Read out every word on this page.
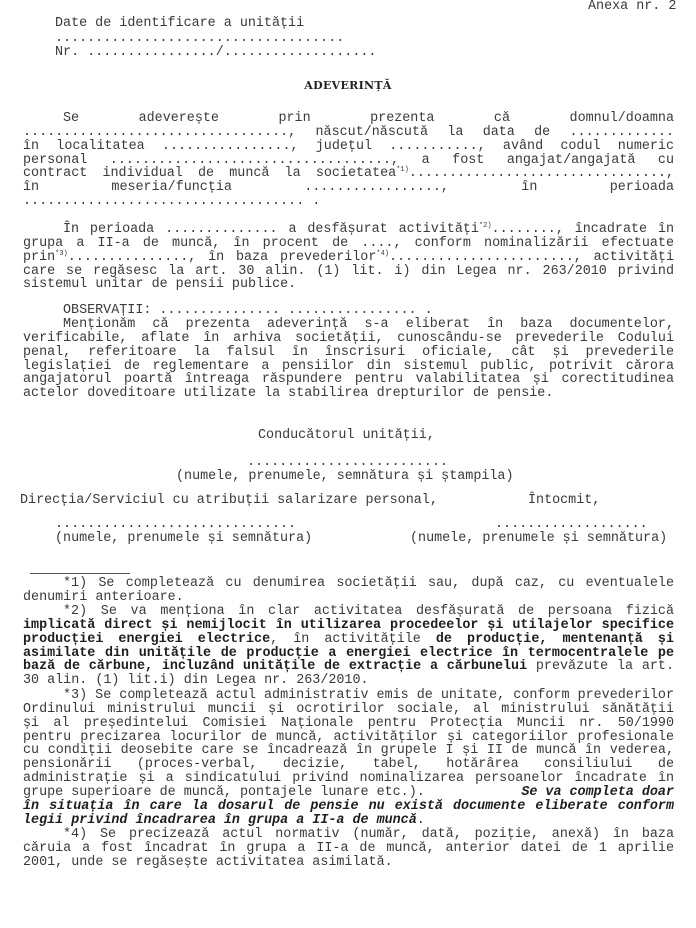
Anexa nr. 2
Date de identificare a unității
....................................
Nr. ................/...................
ADEVERINȚĂ
Se adeverește prin prezenta că domnul/doamna
................................., născut/născută la data de .............
în localitatea ................, județul ..........., având codul numeric
personal ..................................., a fost angajat/angajată cu
contract individual de muncă la societatea$^{*1)}$................................,
în meseria/funcția ................., în perioada
................................... .
În perioada .............. a desfășurat activități$^{*2)}$........, încadrate în
grupa a II-a de muncă, în procent de ...., conform nominalizării efectuate
prin$^{*3)}$..............., în baza prevederilor$^{*4)}$......................., activități
care se regăsesc la art. 30 alin. (1) lit. i) din Legea nr. 263/2010 privind
sistemul unitar de pensii publice.
OBSERVAȚII: ............... ................ .
Menționăm că prezenta adeverință s-a eliberat în baza documentelor,
verificabile, aflate în arhiva societății, cunoscându-se prevederile Codului
penal, referitoare la falsul în înscrisuri oficiale, cât și prevederile
legislației de reglementare a pensiilor din sistemul public, potrivit cărora
angajatorul poartă întreaga răspundere pentru valabilitatea și corectitudinea
actelor doveditoare utilizate la stabilirea drepturilor de pensie.
Conducătorul unității,
.........................
(numele, prenumele, semnătura și ștampila)
Direcția/Serviciul cu atribuții salarizare personal,	Întocmit,
..............................	...................
(numele, prenumele și semnătura)	(numele, prenumele și semnătura)
*1) Se completează cu denumirea societății sau, după caz, cu eventualele
denumiri anterioare.
*2) Se va menționa în clar activitatea desfășurată de persoana fizică
implicată direct și nemijlocit în utilizarea procedeelor și utilajelor specifice
producției energiei electrice, în activitățile de producție, mentenanță și
asimilate din unitățile de producție a energiei electrice în termocentralele pe
bază de cărbune, incluzând unitățile de extracție a cărbunelui prevăzute la art.
30 alin. (1) lit.i) din Legea nr. 263/2010.
*3) Se completează actul administrativ emis de unitate, conform prevederilor
Ordinului ministrului muncii și ocrotirilor sociale, al ministrului sănătății
și al președintelui Comisiei Naționale pentru Protecția Muncii nr. 50/1990
pentru precizarea locurilor de muncă, activităților și categoriilor profesionale
cu condiții deosebite care se încadrează în grupele I și II de muncă în vederea,
pensionării (proces-verbal, decizie, tabel, hotărârea consiliului de
administrație și a sindicatului privind nominalizarea persoanelor încadrate în
grupe superioare de muncă, pontajele lunare etc.).	Se va completa doar
în situația în care la dosarul de pensie nu există documente eliberate conform
legii privind încadrarea în grupa a II-a de muncă.
*4) Se precizează actul normativ (număr, dată, poziție, anexă) în baza
căruia a fost încadrat în grupa a II-a de muncă, anterior datei de 1 aprilie
2001, unde se regăsește activitatea asimilată.
